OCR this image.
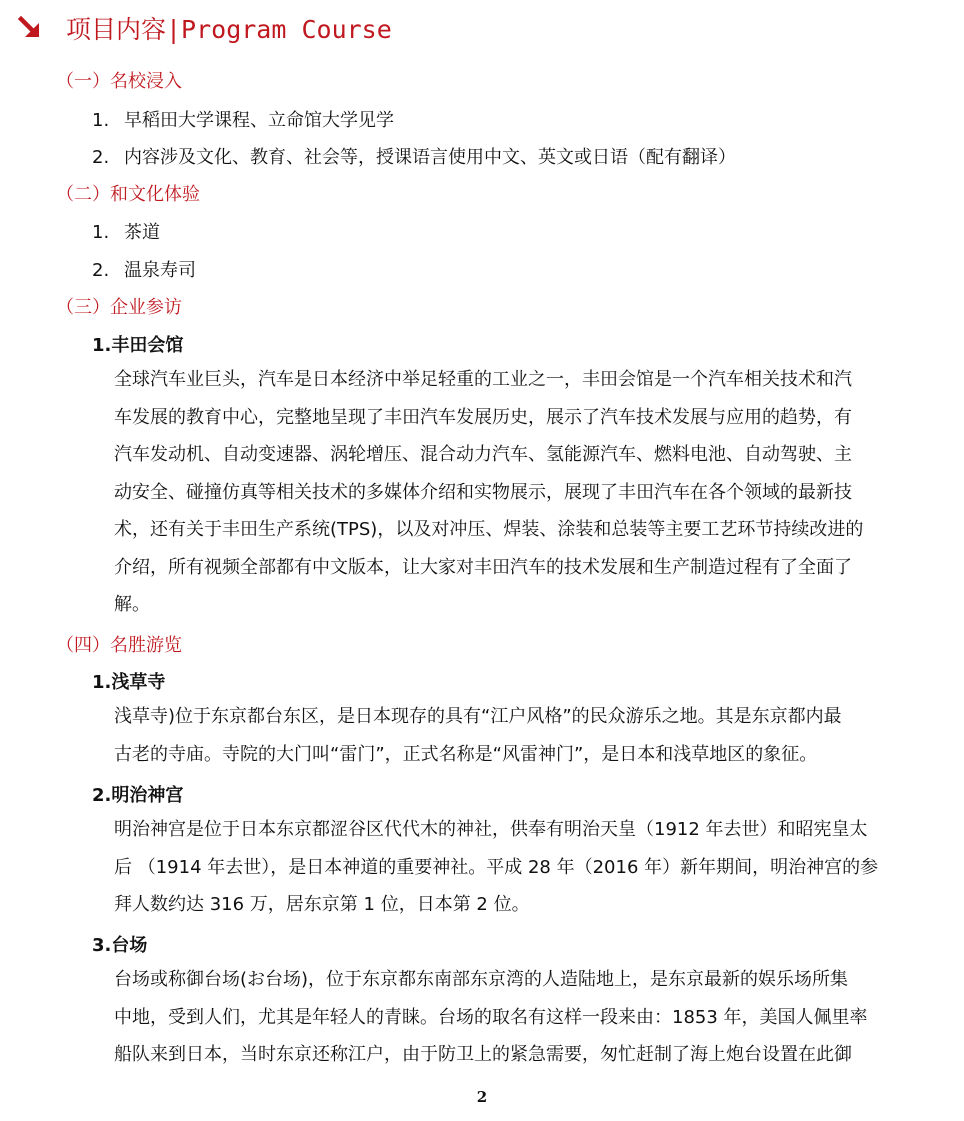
项目内容|Program Course
（一）名校浸入
1. 早稻田大学课程、立命馆大学见学
2. 内容涉及文化、教育、社会等，授课语言使用中文、英文或日语（配有翻译）
（二）和文化体验
1. 茶道
2. 温泉寿司
（三）企业参访
1.丰田会馆
全球汽车业巨头，汽车是日本经济中举足轻重的工业之一，丰田会馆是一个汽车相关技术和汽
车发展的教育中心，完整地呈现了丰田汽车发展历史，展示了汽车技术发展与应用的趋势，有
汽车发动机、自动变速器、涡轮增压、混合动力汽车、氢能源汽车、燃料电池、自动驾驶、主
动安全、碰撞仿真等相关技术的多媒体介绍和实物展示，展现了丰田汽车在各个领域的最新技
术，还有关于丰田生产系统(TPS)，以及对冲压、焊装、涂装和总装等主要工艺环节持续改进的
介绍，所有视频全部都有中文版本，让大家对丰田汽车的技术发展和生产制造过程有了全面了
解。
（四）名胜游览
1.浅草寺
浅草寺)位于东京都台东区，是日本现存的具有“江户风格”的民众游乐之地。其是东京都内最
古老的寺庙。寺院的大门叫“雷门”，正式名称是“风雷神门”，是日本和浅草地区的象征。
2.明治神宫
明治神宫是位于日本东京都涩谷区代代木的神社，供奉有明治天皇（1912 年去世）和昭宪皇太
后 （1914 年去世），是日本神道的重要神社。平成 28 年（2016 年）新年期间，明治神宫的参
拜人数约达 316 万，居东京第 1 位，日本第 2 位。
3.台场
台场或称御台场(お台场)，位于东京都东南部东京湾的人造陆地上，是东京最新的娱乐场所集
中地，受到人们，尤其是年轻人的青睐。台场的取名有这样一段来由：1853 年，美国人佩里率
船队来到日本，当时东京还称江户，由于防卫上的紧急需要，匆忙赶制了海上炮台设置在此御
2
